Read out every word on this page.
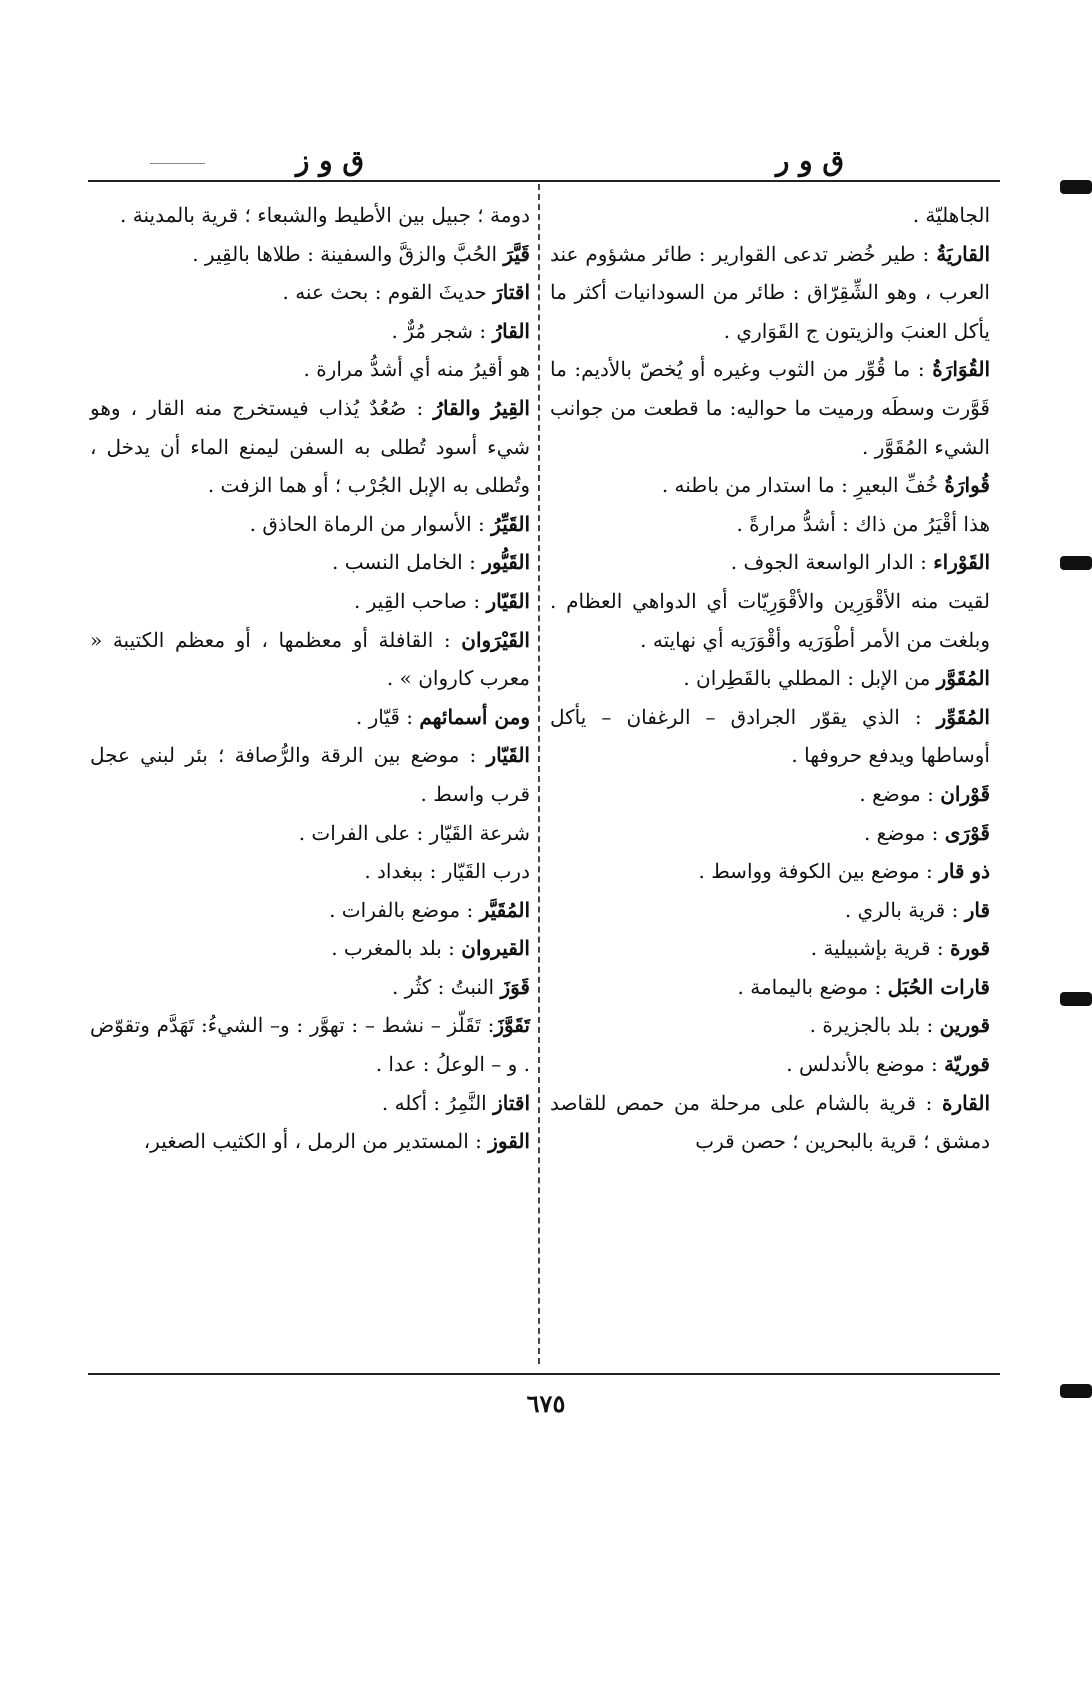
ق و ر
ق و ز

الجاهليّة .

القاريَةُ : طير خُضر تدعى القوارير : طائر مشؤوم عند العرب ، وهو الشِّقِرّاق : طائر من السودانيات أكثر ما يأكل العنبَ والزيتون ج القَوَاري .

القُوَارَةُ : ما قُوِّر من الثوب وغيره أو يُخصّ بالأديم: ما قَوَّرت وسطَه ورميت ما حواليه: ما قطعت من جوانب الشيء المُقَوَّر .

قُوارَةُ خُفِّ البعيرِ : ما استدار من باطنه .

هذا أقْيَرُ من ذاك : أشدُّ مرارةً .

القَوْراء : الدار الواسعة الجوف .

لقيت منه الأقْوَرِين والأقْوَرِيّات أي الدواهي العظام . وبلغت من الأمر أطْوَرَيه وأقْوَرَيه أي نهايته .

المُقَوَّر من الإبل : المطلي بالقَطِران .

المُقَوِّر : الذي يقوّر الجرادق – الرغفان – يأكل أوساطها ويدفع حروفها .

قَوْران : موضع .

قَوْرَى : موضع .

ذو قار : موضع بين الكوفة وواسط .

قار : قرية بالري .

قورة : قرية بإشبيلية .

قارات الحُبَل : موضع باليمامة .

قورين : بلد بالجزيرة .

قوريّة : موضع بالأندلس .

القارة : قرية بالشام على مرحلة من حمص للقاصد دمشق ؛ قرية بالبحرين ؛ حصن قرب

دومة ؛ جبيل بين الأطيط والشبعاء ؛ قرية بالمدينة .

قَيَّرَ الحُبَّ والزقَّ والسفينة : طلاها بالقِير .

اقتارَ حديثَ القوم : بحث عنه .

القارُ : شجر مُرٌّ .

هو أقيرُ منه أي أشدُّ مرارة .

القِيرُ والقارُ : صُعُدٌ يُذاب فيستخرج منه القار ، وهو شيء أسود تُطلى به السفن ليمنع الماء أن يدخل ، وتُطلى به الإبل الجُرْب ؛ أو هما الزفت .

القَيِّرُ : الأسوار من الرماة الحاذق .

القَيُّور : الخامل النسب .

القَيّار : صاحب القِير .

القَيْرَوان : القافلة أو معظمها ، أو معظم الكتيبة « معرب كاروان » .

ومن أسمائهم : قَيّار .

القَيّار : موضع بين الرقة والرُّصافة ؛ بئر لبني عجل قرب واسط .

شرعة القَيّار : على الفرات .

درب القَيّار : ببغداد .

المُقَيَّر : موضع بالفرات .

القيروان : بلد بالمغرب .

قَوَزَ النبتُ : كثُر .

تَقَوَّزَ: تَقَلّز – نشط – : تهوَّر : و– الشيءُ: تَهَدَّم وتقوّض . و – الوعلُ : عدا .

اقتاز النَّمِرُ : أكله .

القوز : المستدير من الرمل ، أو الكثيب الصغير،

٦٧٥
